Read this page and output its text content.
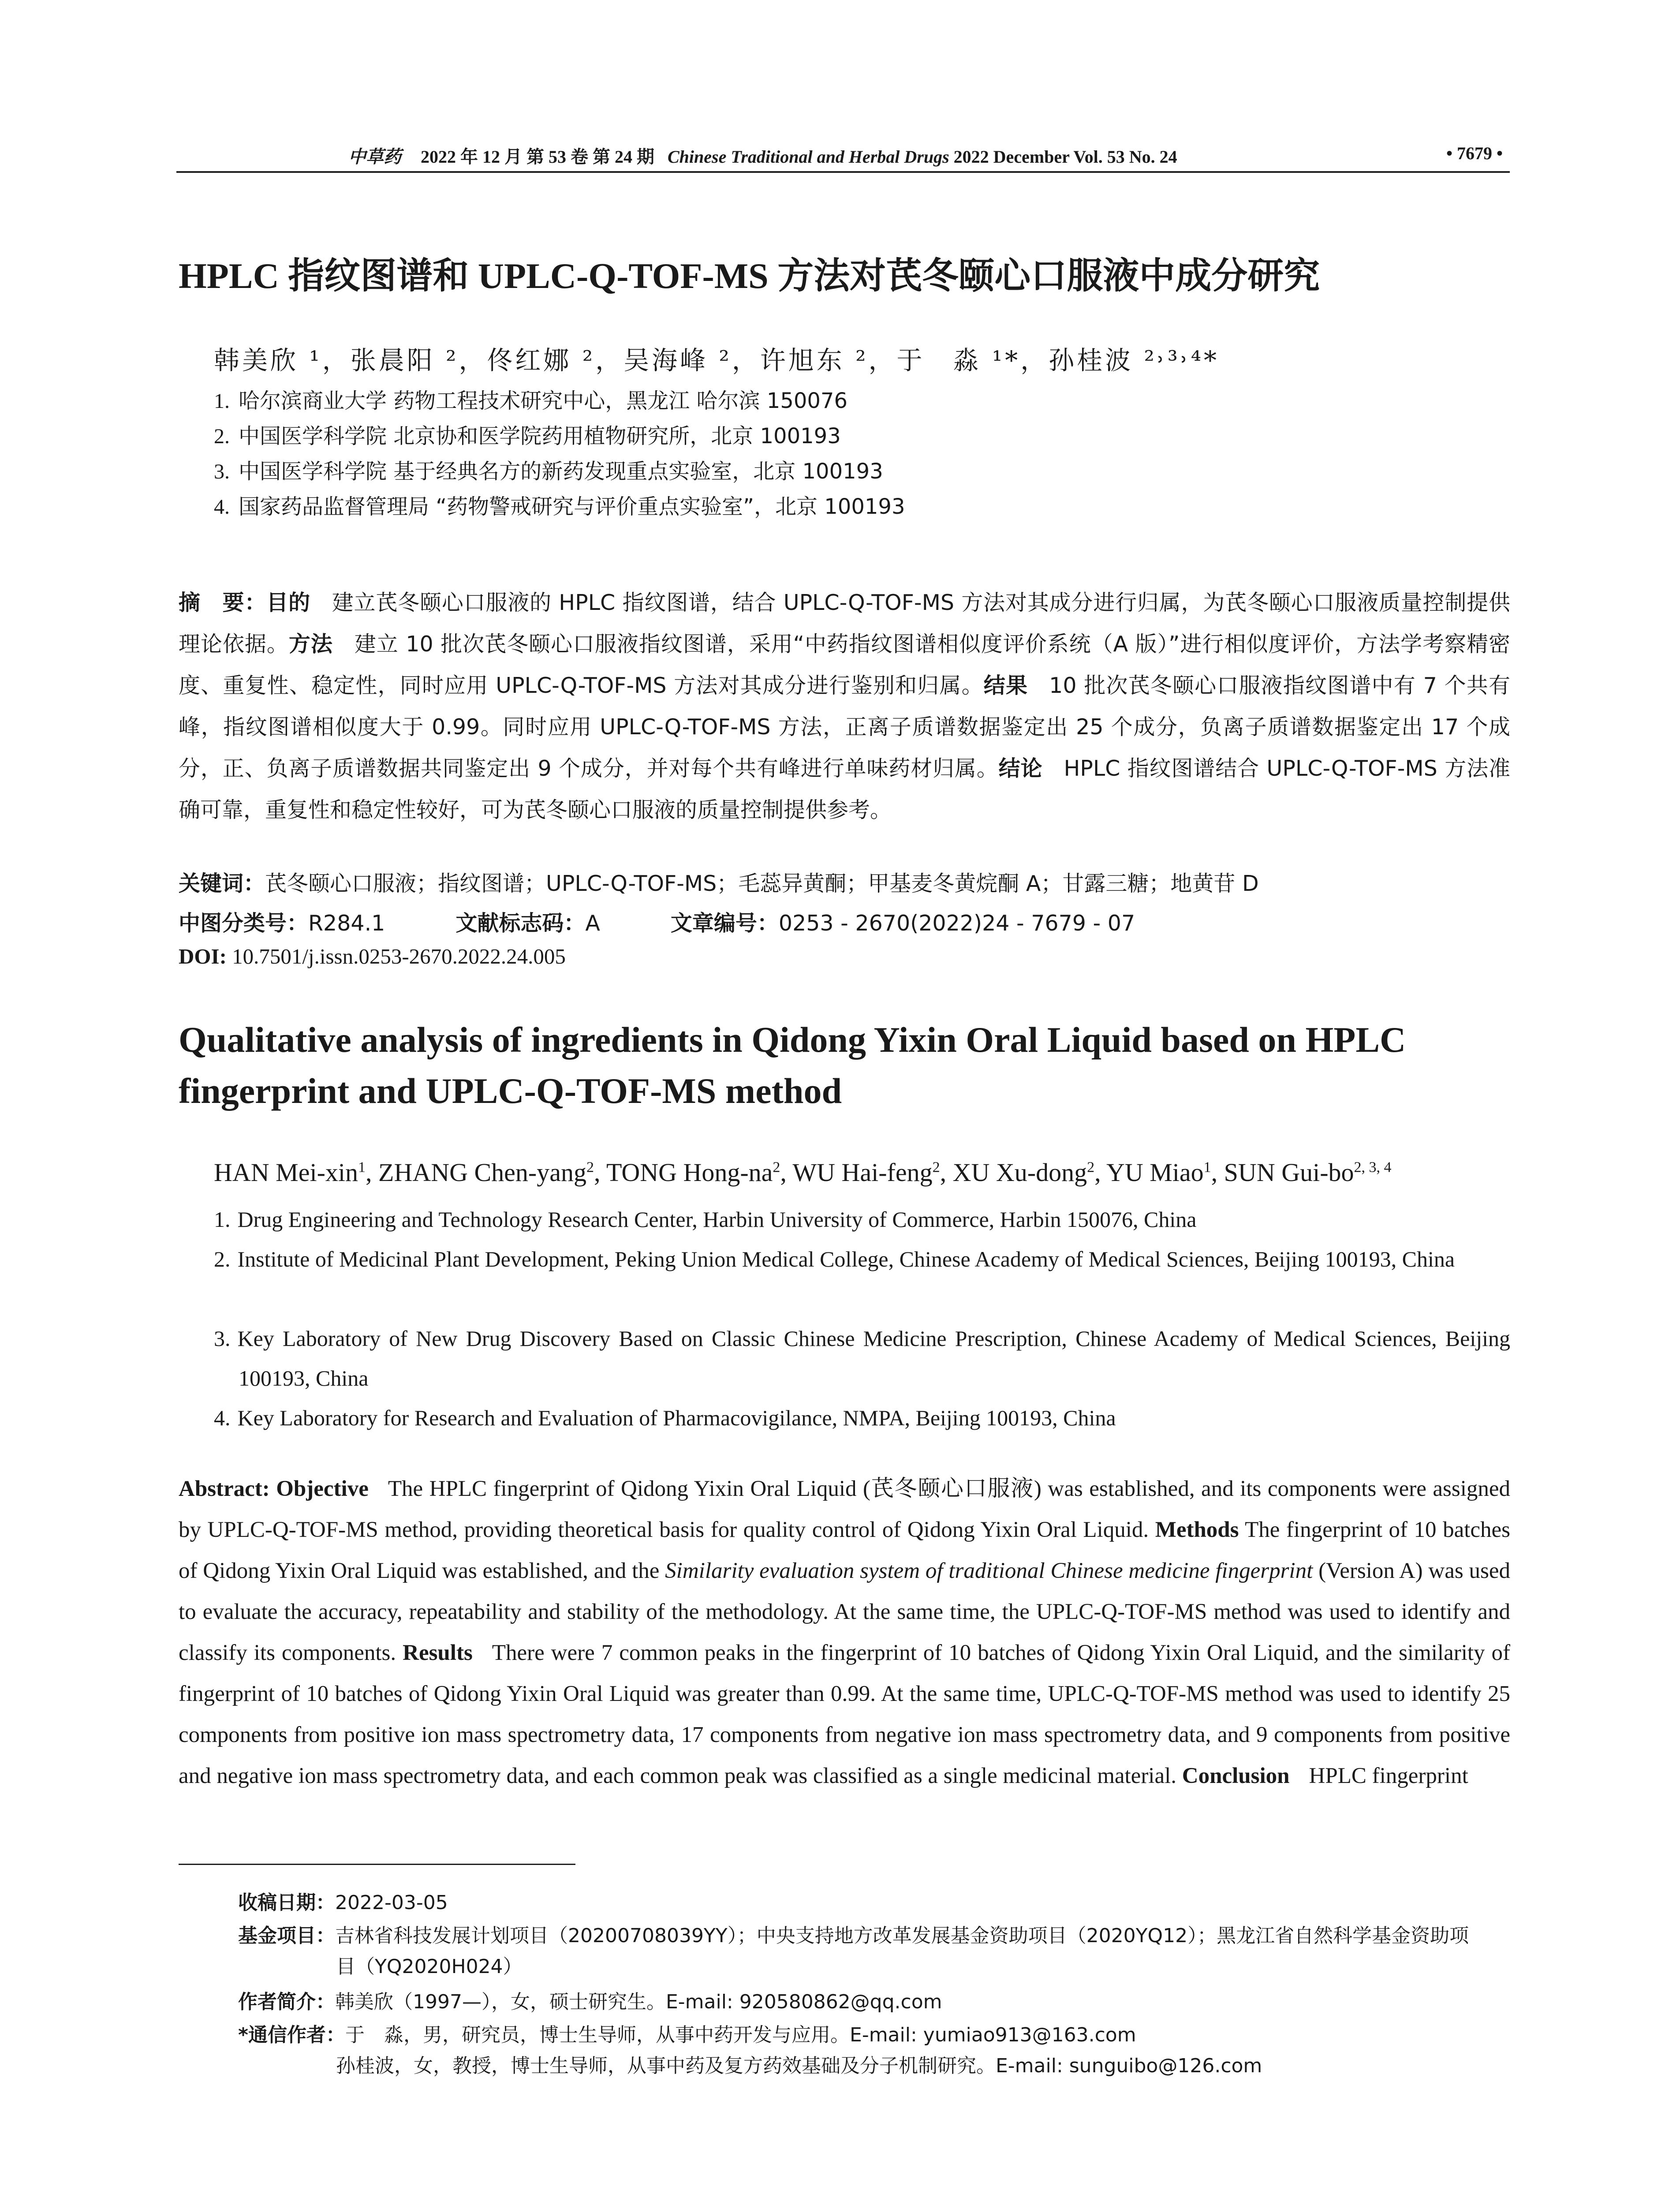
中草药 2022 年 12 月 第 53 卷 第 24 期 Chinese Traditional and Herbal Drugs 2022 December Vol. 53 No. 24	• 7679 •
HPLC 指纹图谱和 UPLC-Q-TOF-MS 方法对芪冬颐心口服液中成分研究
韩美欣 ¹，张晨阳 ²，佟红娜 ²，吴海峰 ²，许旭东 ²，于　淼 ¹*，孙桂波 ²˒³˒⁴*
1. 哈尔滨商业大学 药物工程技术研究中心，黑龙江 哈尔滨 150076
2. 中国医学科学院 北京协和医学院药用植物研究所，北京 100193
3. 中国医学科学院 基于经典名方的新药发现重点实验室，北京 100193
4. 国家药品监督管理局 “药物警戒研究与评价重点实验室”，北京 100193
摘　要：目的 建立芪冬颐心口服液的 HPLC 指纹图谱，结合 UPLC-Q-TOF-MS 方法对其成分进行归属，为芪冬颐心口服液质量控制提供理论依据。方法 建立 10 批次芪冬颐心口服液指纹图谱，采用“中药指纹图谱相似度评价系统（A 版）”进行相似度评价，方法学考察精密度、重复性、稳定性，同时应用 UPLC-Q-TOF-MS 方法对其成分进行鉴别和归属。结果 10 批次芪冬颐心口服液指纹图谱中有 7 个共有峰，指纹图谱相似度大于 0.99。同时应用 UPLC-Q-TOF-MS 方法，正离子质谱数据鉴定出 25 个成分，负离子质谱数据鉴定出 17 个成分，正、负离子质谱数据共同鉴定出 9 个成分，并对每个共有峰进行单味药材归属。结论 HPLC 指纹图谱结合 UPLC-Q-TOF-MS 方法准确可靠，重复性和稳定性较好，可为芪冬颐心口服液的质量控制提供参考。
关键词：芪冬颐心口服液；指纹图谱；UPLC-Q-TOF-MS；毛蕊异黄酮；甲基麦冬黄烷酮 A；甘露三糖；地黄苷 D
中图分类号：R284.1	文献标志码：A	文章编号：0253 - 2670(2022)24 - 7679 - 07
DOI: 10.7501/j.issn.0253-2670.2022.24.005
Qualitative analysis of ingredients in Qidong Yixin Oral Liquid based on HPLC fingerprint and UPLC-Q-TOF-MS method
HAN Mei-xin$^1$, ZHANG Chen-yang$^2$, TONG Hong-$na^2$, WU Hai-feng$^2$, XU Xu-dong$^2$, YU Miao$^1$, SUN Gui-bo$^{2, 3, 4}$
1. Drug Engineering and Technology Research Center, Harbin University of Commerce, Harbin 150076, China
2. Institute of Medicinal Plant Development, Peking Union Medical College, Chinese Academy of Medical Sciences, Beijing 100193, China
3. Key Laboratory of New Drug Discovery Based on Classic Chinese Medicine Prescription, Chinese Academy of Medical Sciences, Beijing 100193, China
4. Key Laboratory for Research and Evaluation of Pharmacovigilance, NMPA, Beijing 100193, China
Abstract: Objective The HPLC fingerprint of Qidong Yixin Oral Liquid (芪冬颐心口服液) was established, and its components were assigned by UPLC-Q-TOF-MS method, providing theoretical basis for quality control of Qidong Yixin Oral Liquid. Methods The fingerprint of 10 batches of Qidong Yixin Oral Liquid was established, and the Similarity evaluation system of traditional Chinese medicine fingerprint (Version A) was used to evaluate the accuracy, repeatability and stability of the methodology. At the same time, the UPLC-Q-TOF-MS method was used to identify and classify its components. Results There were 7 common peaks in the fingerprint of 10 batches of Qidong Yixin Oral Liquid, and the similarity of fingerprint of 10 batches of Qidong Yixin Oral Liquid was greater than 0.99. At the same time, UPLC-Q-TOF-MS method was used to identify 25 components from positive ion mass spectrometry data, 17 components from negative ion mass spectrometry data, and 9 components from positive and negative ion mass spectrometry data, and each common peak was classified as a single medicinal material. Conclusion HPLC fingerprint
收稿日期：2022-03-05
基金项目：吉林省科技发展计划项目（20200708039YY）；中央支持地方改革发展基金资助项目（2020YQ12）；黑龙江省自然科学基金资助项
目（YQ2020H024）
作者简介：韩美欣（1997—），女，硕士研究生。E-mail: 920580862@qq.com
*通信作者：于　淼，男，研究员，博士生导师，从事中药开发与应用。E-mail: yumiao913@163.com
孙桂波，女，教授，博士生导师，从事中药及复方药效基础及分子机制研究。E-mail: sunguibo@126.com
